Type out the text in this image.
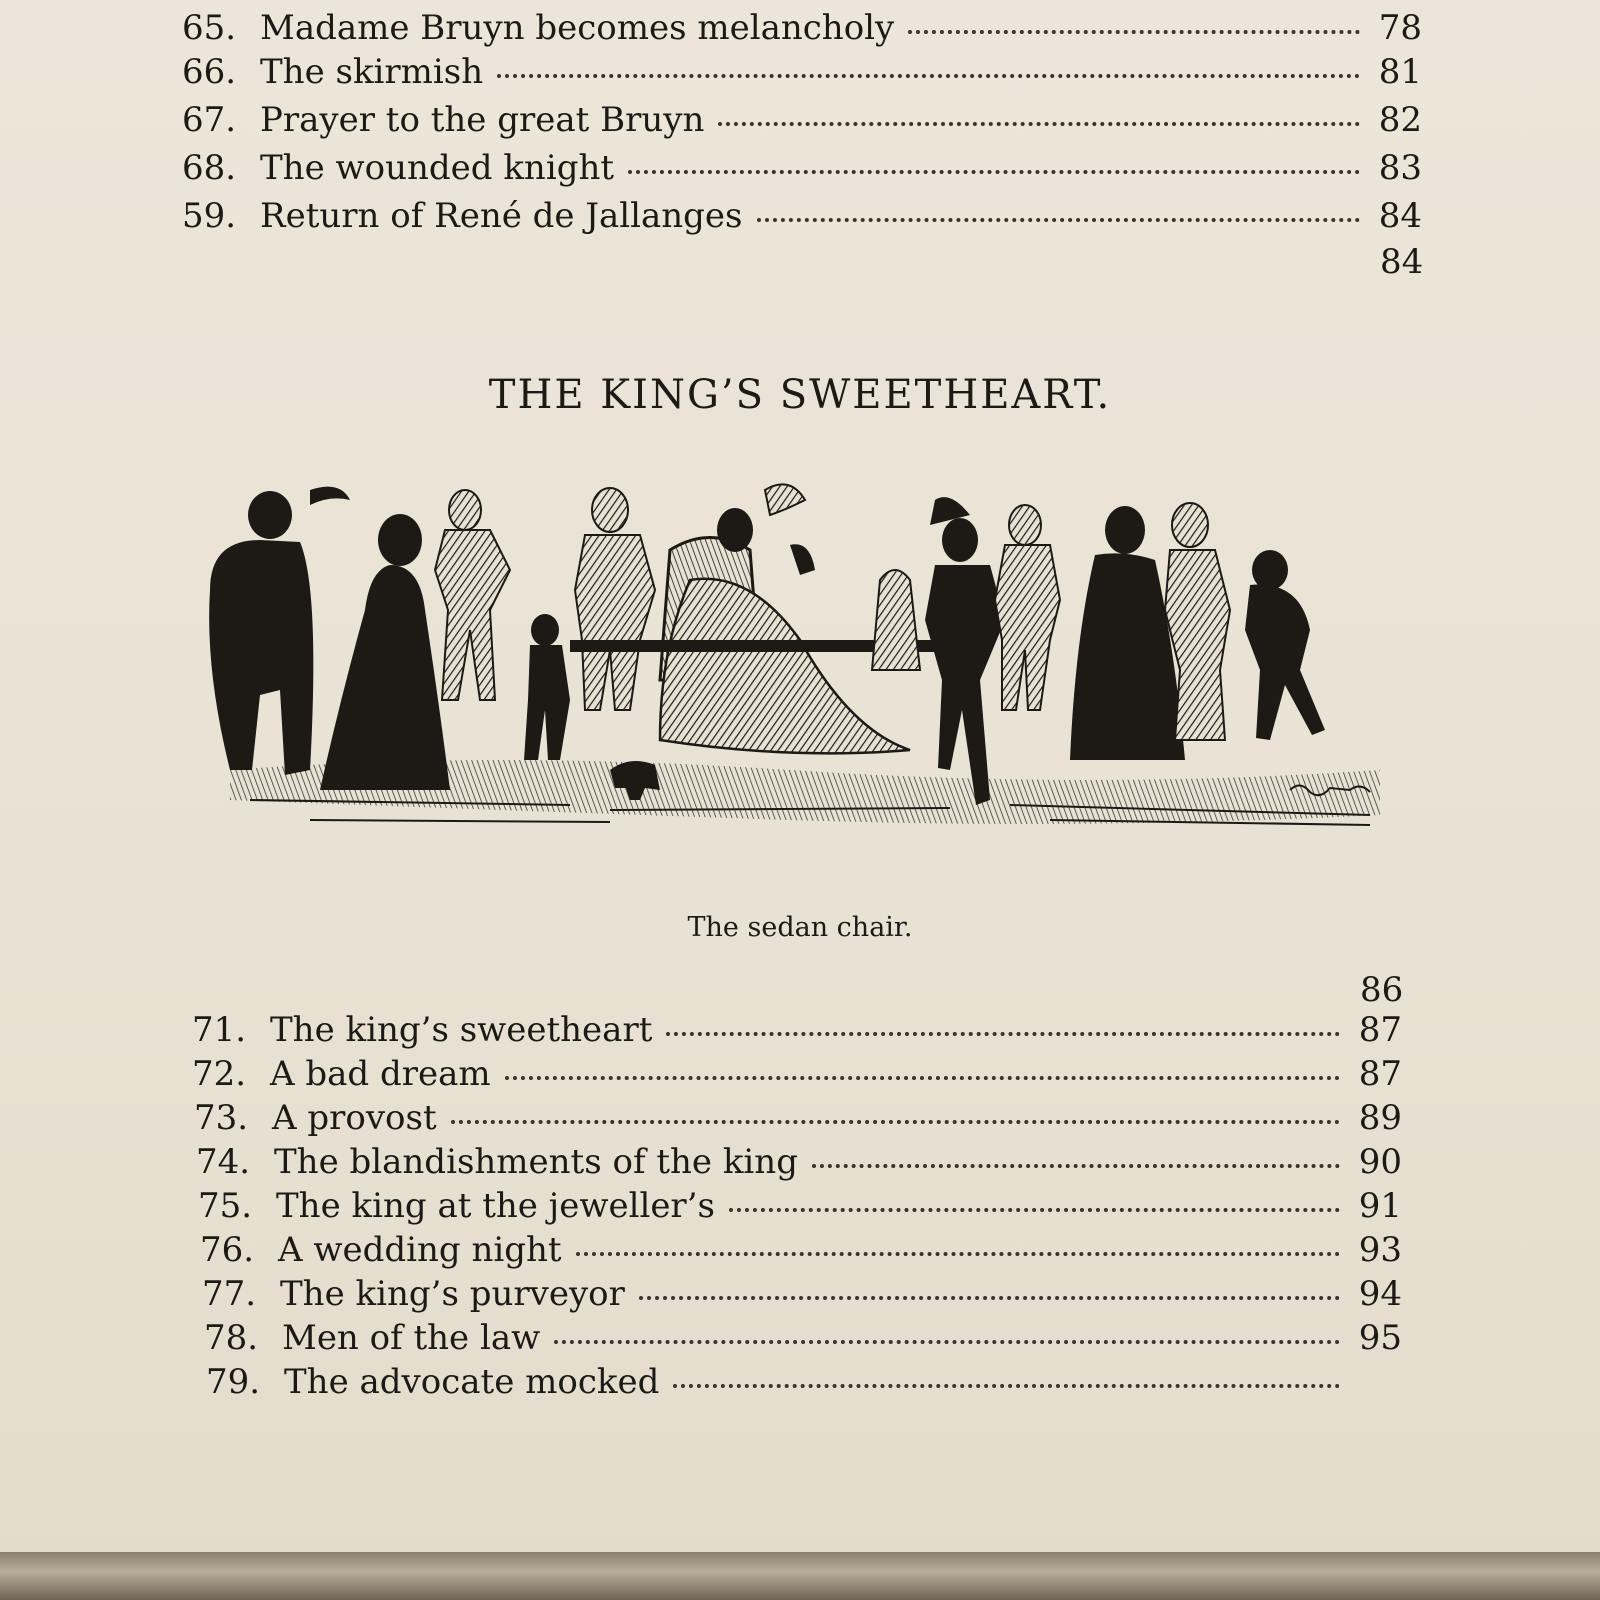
65. Madame Bruyn becomes melancholy	78
66. The skirmish	81
67. Prayer to the great Bruyn	82
68. The wounded knight	83
59. Return of René de Jallanges	84
84
THE KING’S SWEETHEART.
The sedan chair.
86
71. The king’s sweetheart	87
72. A bad dream	87
73. A provost	89
74. The blandishments of the king	90
75. The king at the jeweller’s	91
76. A wedding night	93
77. The king’s purveyor	94
78. Men of the law	95
79. The advocate mocked
